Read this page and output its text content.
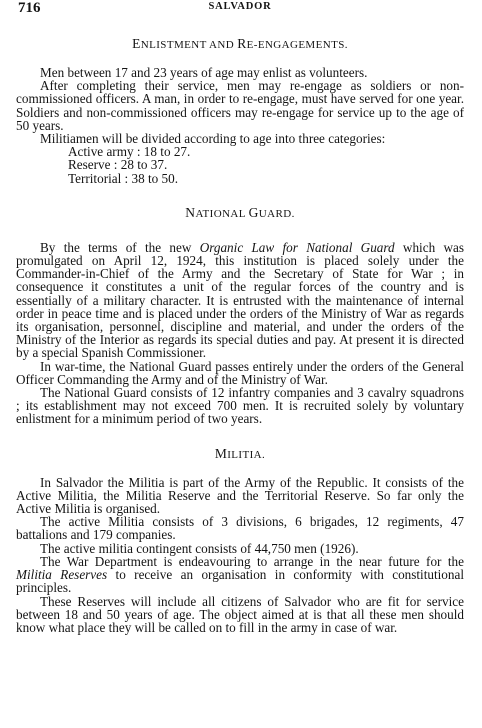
716	SALVADOR
ENLISTMENT AND RE-ENGAGEMENTS.

Men between 17 and 23 years of age may enlist as volunteers.

After completing their service, men may re-engage as soldiers or non-commissioned officers. A man, in order to re-engage, must have served for one year. Soldiers and non-commissioned officers may re-engage for service up to the age of 50 years.

Militiamen will be divided according to age into three categories:

Active army : 18 to 27.
Reserve : 28 to 37.
Territorial : 38 to 50.
NATIONAL GUARD.

By the terms of the new Organic Law for National Guard which was promulgated on April 12, 1924, this institution is placed solely under the Commander-in-Chief of the Army and the Secretary of State for War ; in consequence it constitutes a unit of the regular forces of the country and is essentially of a military character. It is entrusted with the maintenance of internal order in peace time and is placed under the orders of the Ministry of War as regards its organisation, personnel, discipline and material, and under the orders of the Ministry of the Interior as regards its special duties and pay. At present it is directed by a special Spanish Commissioner.

In war-time, the National Guard passes entirely under the orders of the General Officer Commanding the Army and of the Ministry of War.

The National Guard consists of 12 infantry companies and 3 cavalry squadrons ; its establishment may not exceed 700 men. It is recruited solely by voluntary enlistment for a minimum period of two years.

MILITIA.

In Salvador the Militia is part of the Army of the Republic. It consists of the Active Militia, the Militia Reserve and the Territorial Reserve. So far only the Active Militia is organised.

The active Militia consists of 3 divisions, 6 brigades, 12 regiments, 47 battalions and 179 companies.

The active militia contingent consists of 44,750 men (1926).

The War Department is endeavouring to arrange in the near future for the Militia Reserves to receive an organisation in conformity with constitutional principles.

These Reserves will include all citizens of Salvador who are fit for service between 18 and 50 years of age. The object aimed at is that all these men should know what place they will be called on to fill in the army in case of war.
